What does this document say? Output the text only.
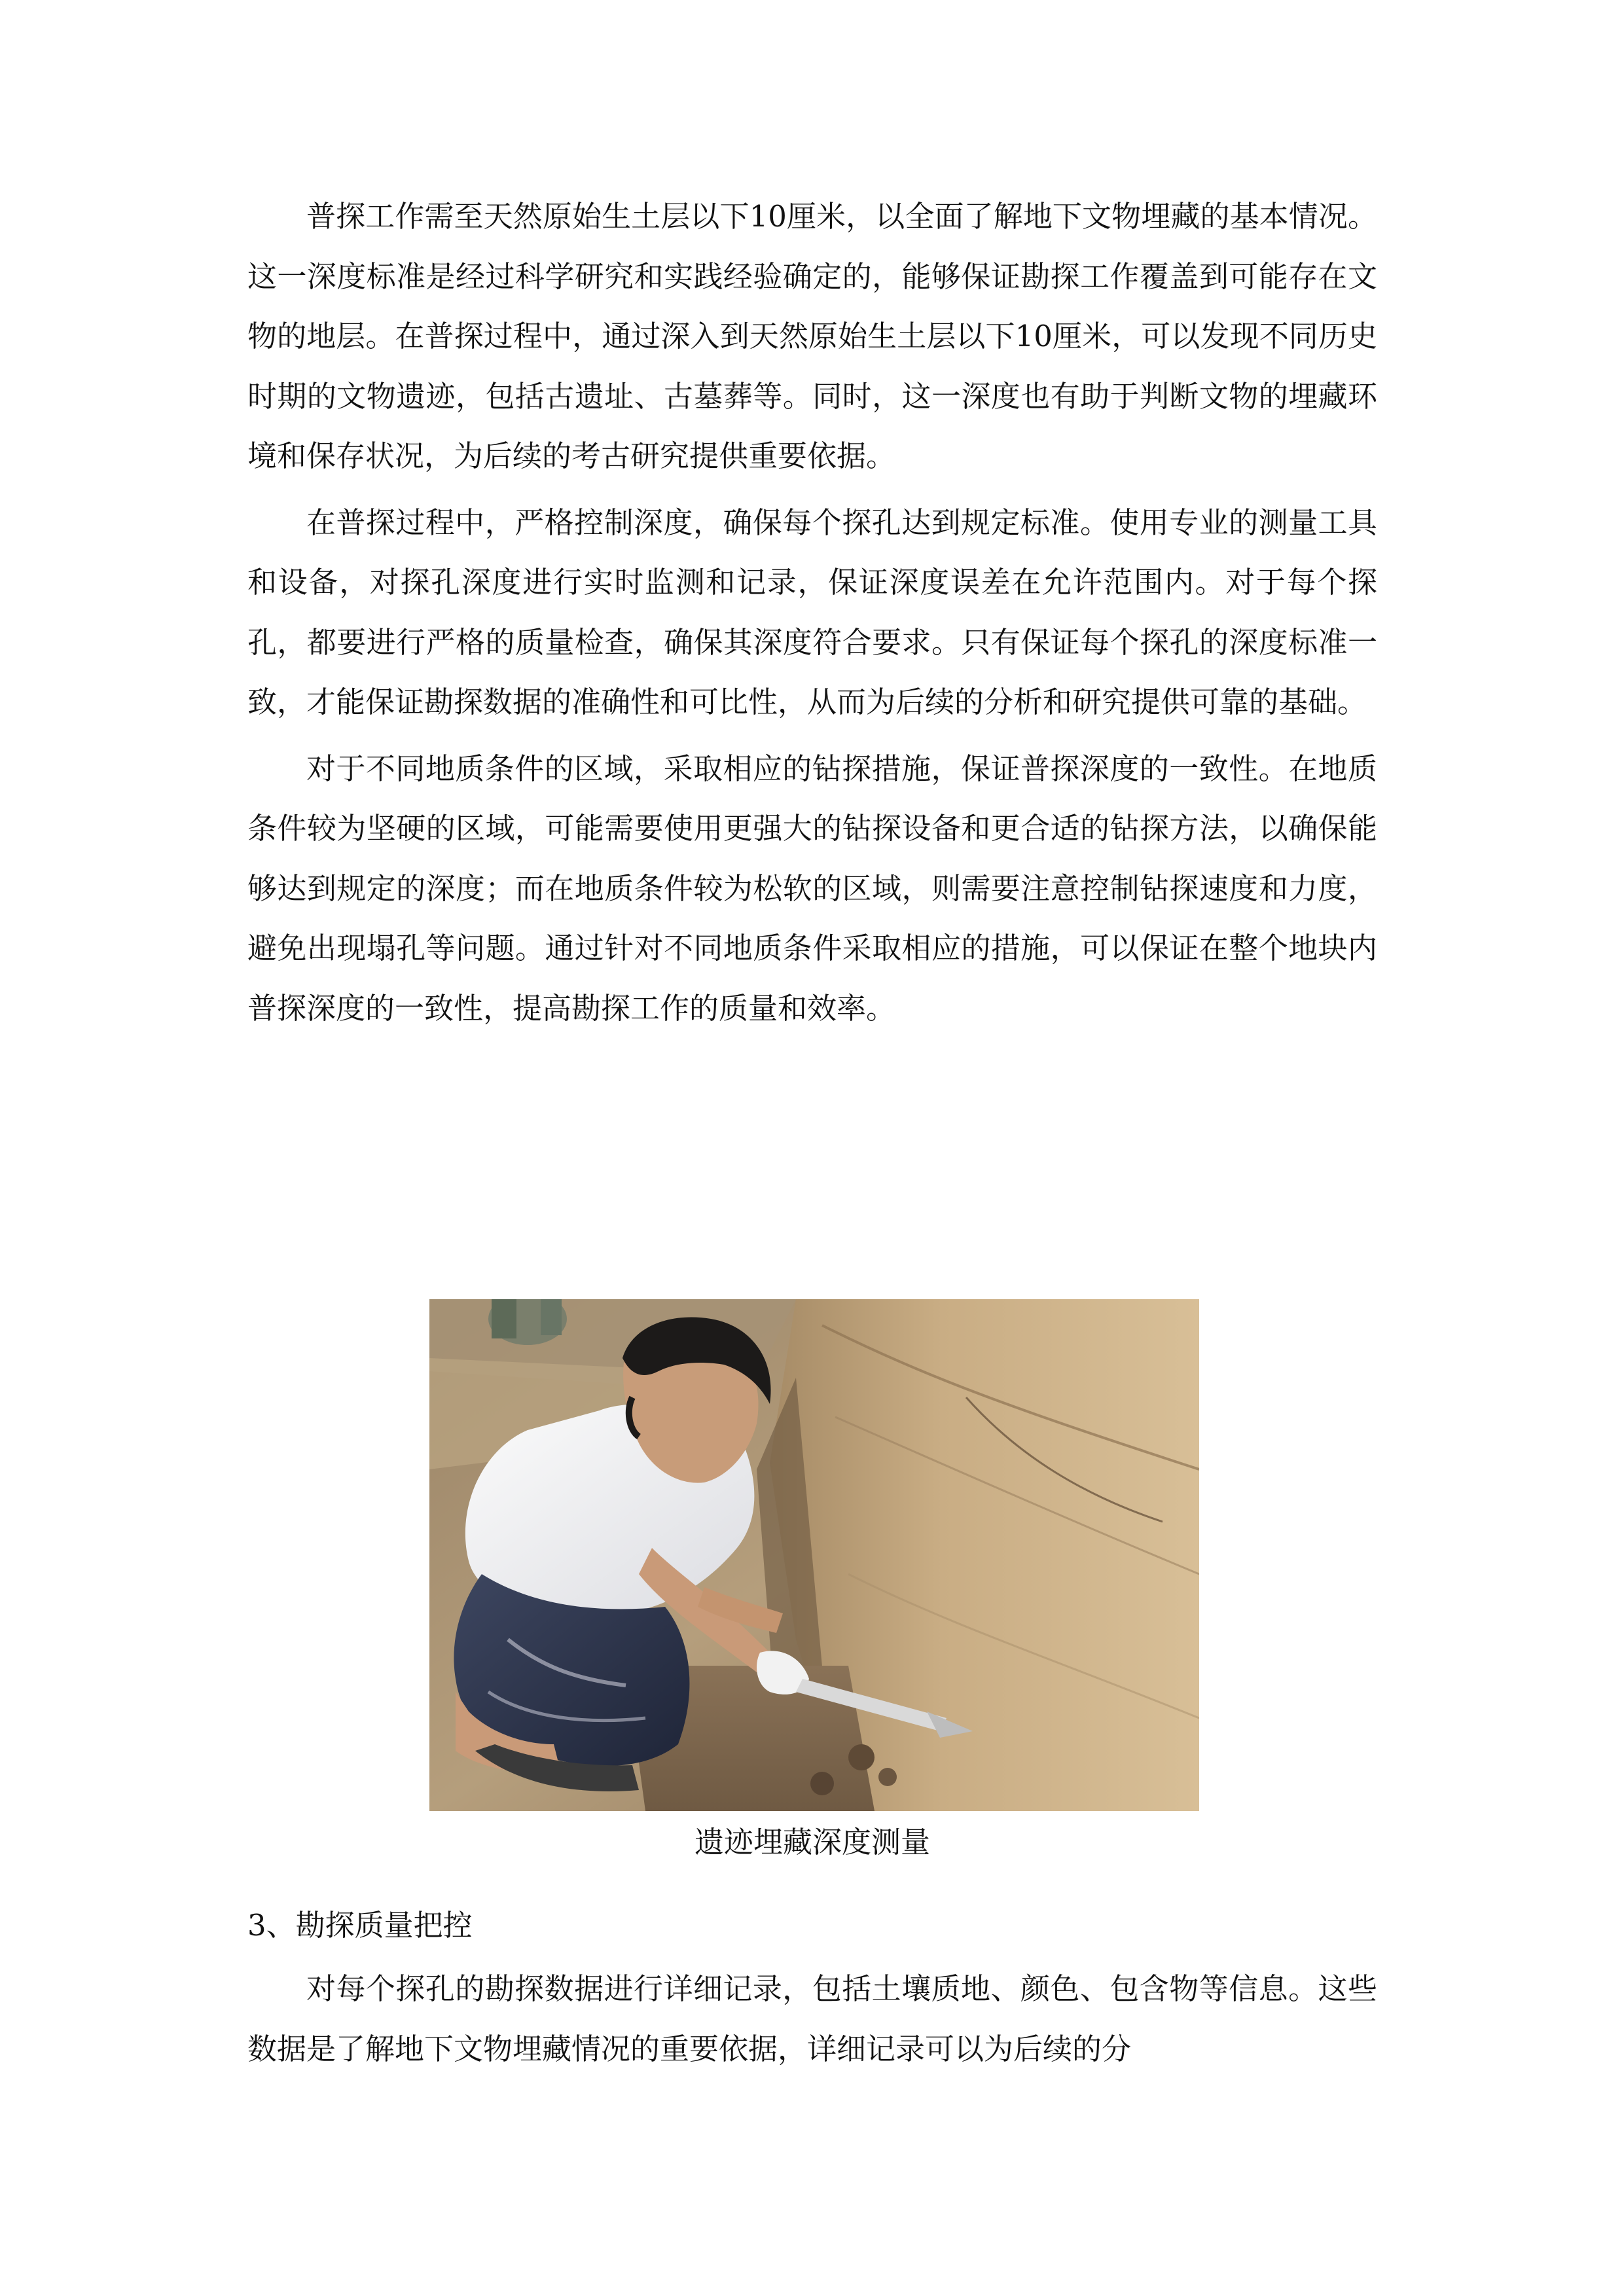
普探工作需至天然原始生土层以下10厘米，以全面了解地下文物埋藏的基本情况。这一深度标准是经过科学研究和实践经验确定的，能够保证勘探工作覆盖到可能存在文物的地层。在普探过程中，通过深入到天然原始生土层以下10厘米，可以发现不同历史时期的文物遗迹，包括古遗址、古墓葬等。同时，这一深度也有助于判断文物的埋藏环境和保存状况，为后续的考古研究提供重要依据。

在普探过程中，严格控制深度，确保每个探孔达到规定标准。使用专业的测量工具和设备，对探孔深度进行实时监测和记录，保证深度误差在允许范围内。对于每个探孔，都要进行严格的质量检查，确保其深度符合要求。只有保证每个探孔的深度标准一致，才能保证勘探数据的准确性和可比性，从而为后续的分析和研究提供可靠的基础。

对于不同地质条件的区域，采取相应的钻探措施，保证普探深度的一致性。在地质条件较为坚硬的区域，可能需要使用更强大的钻探设备和更合适的钻探方法，以确保能够达到规定的深度；而在地质条件较为松软的区域，则需要注意控制钻探速度和力度，避免出现塌孔等问题。通过针对不同地质条件采取相应的措施，可以保证在整个地块内普探深度的一致性，提高勘探工作的质量和效率。

遗迹埋藏深度测量

3、勘探质量把控

对每个探孔的勘探数据进行详细记录，包括土壤质地、颜色、包含物等信息。这些数据是了解地下文物埋藏情况的重要依据，详细记录可以为后续的分
